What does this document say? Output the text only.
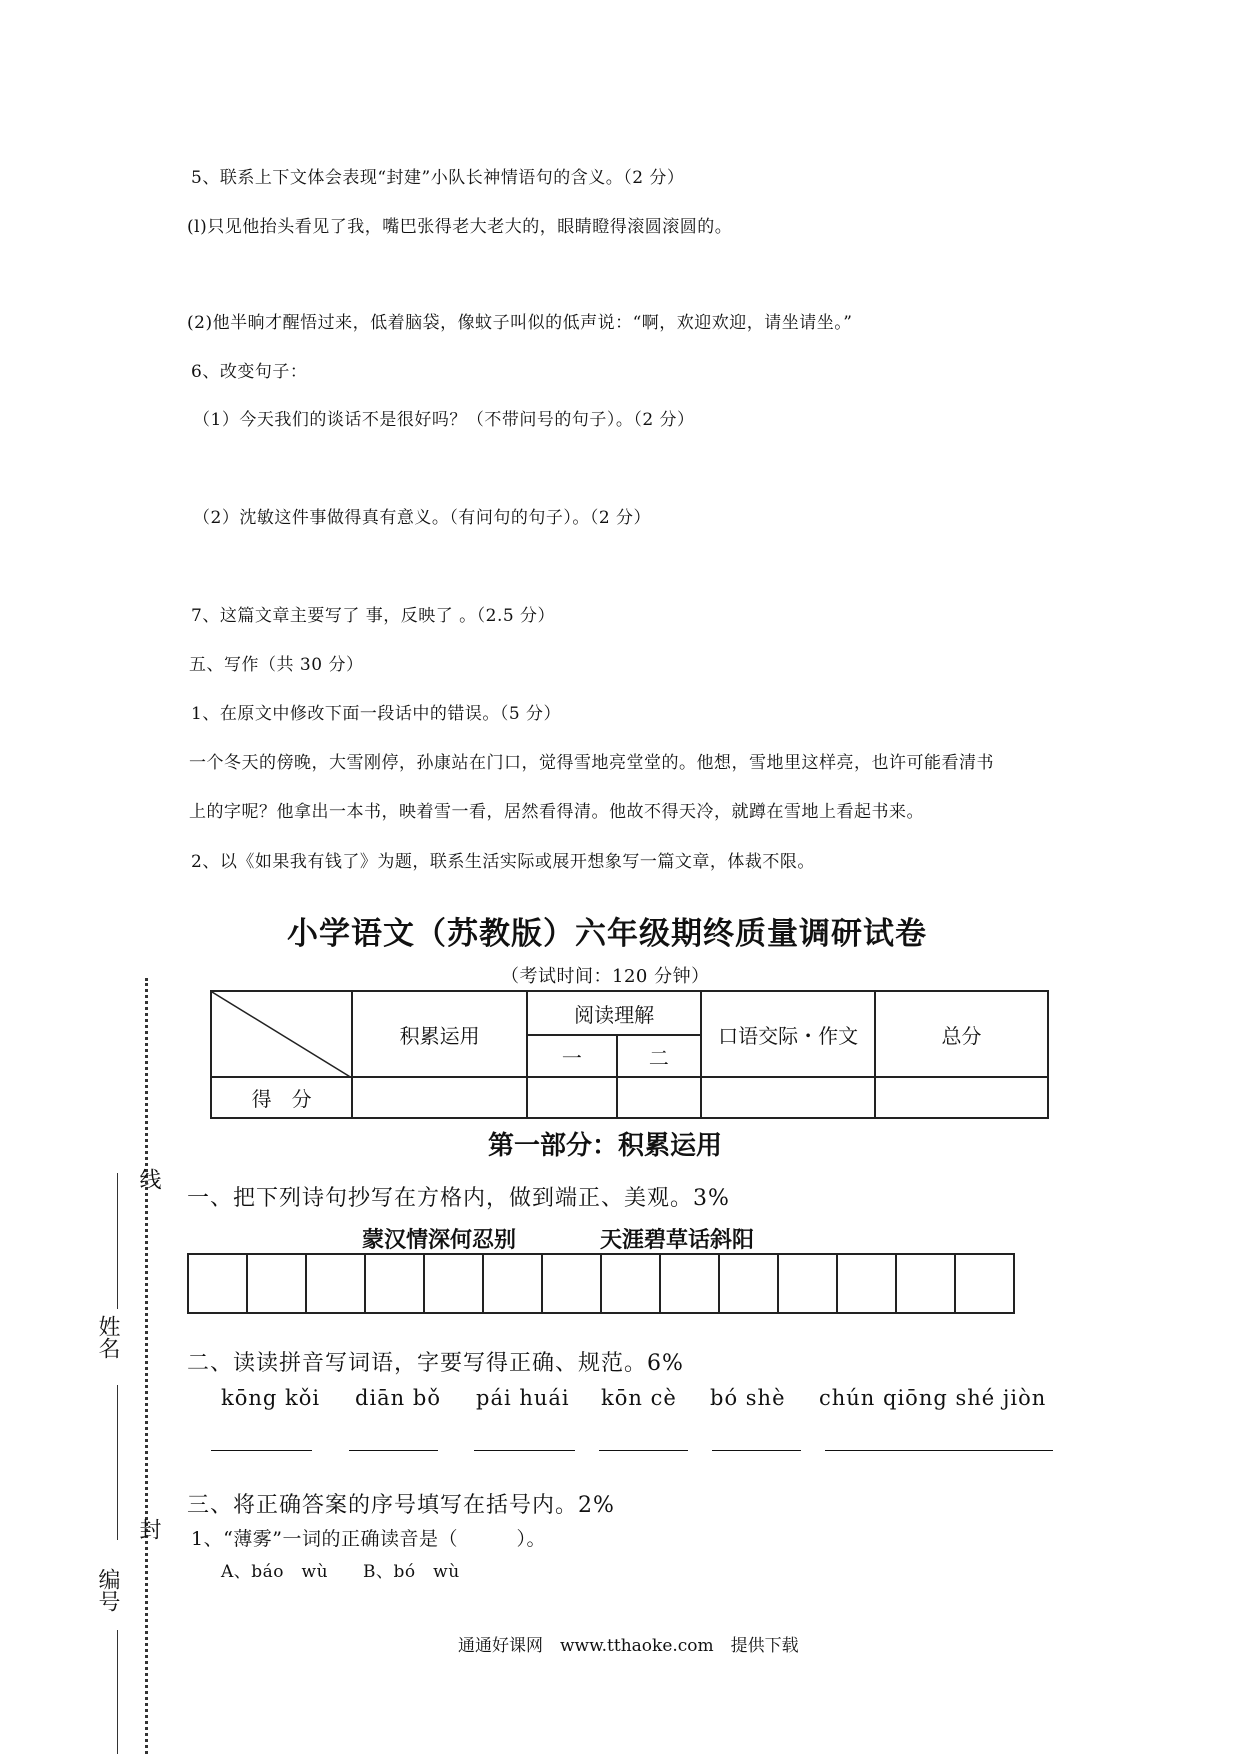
5、联系上下文体会表现“封建”小队长神情语句的含义。（2 分）
(l)只见他抬头看见了我，嘴巴张得老大老大的，眼睛瞪得滚圆滚圆的。
(2)他半晌才醒悟过来，低着脑袋，像蚊子叫似的低声说：“啊，欢迎欢迎，请坐请坐。”
6、改变句子：
（1）今天我们的谈话不是很好吗？（不带问号的句子）。（2 分）
（2）沈敏这件事做得真有意义。（有问句的句子）。（2 分）
7、这篇文章主要写了 事，反映了 。（2.5 分）
五、写作（共 30 分）
1、在原文中修改下面一段话中的错误。（5 分）
一个冬天的傍晚，大雪刚停，孙康站在门口，觉得雪地亮堂堂的。他想，雪地里这样亮，也许可能看清书
上的字呢？他拿出一本书，映着雪一看，居然看得清。他故不得天冷，就蹲在雪地上看起书来。
2、以《如果我有钱了》为题，联系生活实际或展开想象写一篇文章，体裁不限。
小学语文（苏教版）六年级期终质量调研试卷
（考试时间：120 分钟）
	积累运用	阅读理解		口语交际・作文	总分
		一	二		
得　分					
第一部分：积累运用
一、把下列诗句抄写在方格内，做到端正、美观。3%
蒙汉情深何忍别	天涯碧草话斜阳
二、读读拼音写词语，字要写得正确、规范。6%
kōng kǒi diān bǒ pái huái kōn cè bó shè chún qiōng shé jiòn
三、将正确答案的序号填写在括号内。2%
1、“薄雾”一词的正确读音是（　　　）。
A、báo　wù　　B、bó　wù
线
封
姓名
编号
通通好课网　www.tthaoke.com　提供下载
